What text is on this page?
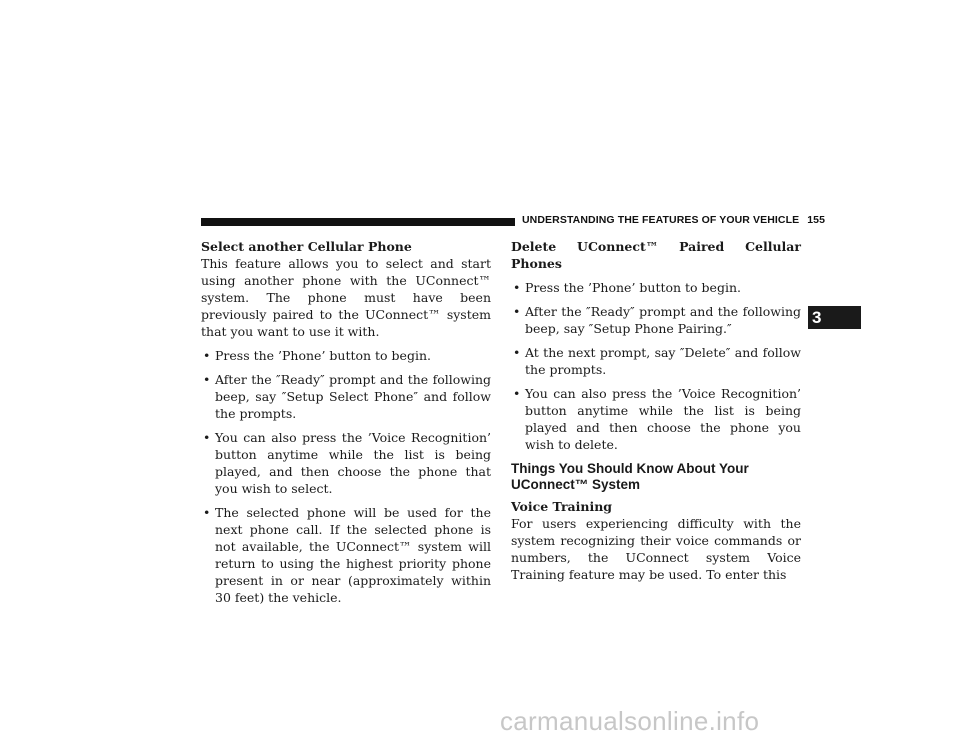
UNDERSTANDING THE FEATURES OF YOUR VEHICLE 155

Select another Cellular Phone

This feature allows you to select and start using another phone with the UConnect™ system. The phone must have been previously paired to the UConnect™ system that you want to use it with.

• Press the ’Phone’ button to begin.
• After the ″Ready″ prompt and the following beep, say ″Setup Select Phone″ and follow the prompts.
• You can also press the ’Voice Recognition’ button anytime while the list is being played, and then choose the phone that you wish to select.
• The selected phone will be used for the next phone call. If the selected phone is not available, the UConnect™ system will return to using the highest priority phone present in or near (approximately within 30 feet) the vehicle.

Delete UConnect™ Paired Cellular Phones

• Press the ’Phone’ button to begin.
• After the ″Ready″ prompt and the following beep, say ″Setup Phone Pairing.″
• At the next prompt, say ″Delete″ and follow the prompts.
• You can also press the ’Voice Recognition’ button anytime while the list is being played and then choose the phone you wish to delete.
Things You Should Know About Your UConnect™ System

Voice Training

For users experiencing difficulty with the system recognizing their voice commands or numbers, the UConnect system Voice Training feature may be used. To enter this

3
carmanualsonline.info
